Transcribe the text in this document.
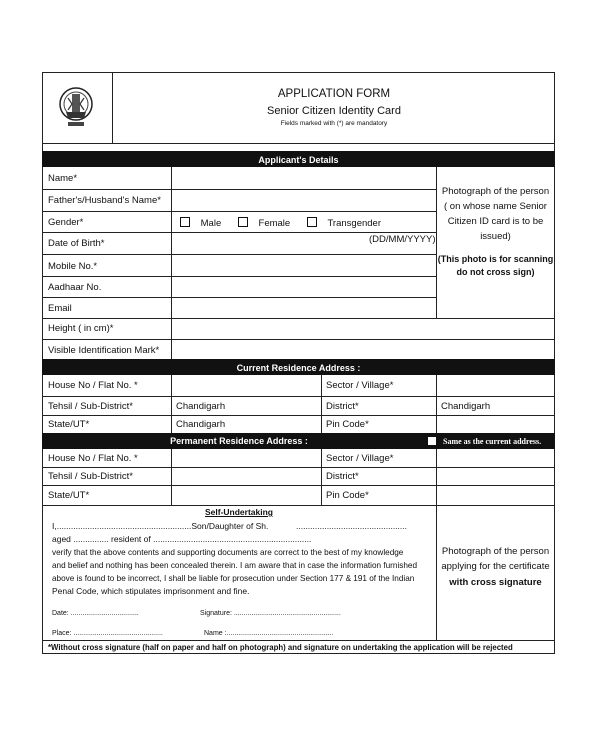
APPLICATION FORM
Senior Citizen Identity Card
Fields marked with (*) are mandatory
Applicant's Details
Name*
Father's/Husband's Name*
Gender*	Male	Female	Transgender
Date of Birth*	(DD/MM/YYYY)
Mobile No.*
Aadhaar No.
Email
Height ( in cm)*
Visible Identification Mark*
Photograph of the person
( on whose name Senior
Citizen ID card is to be
issued)
(This photo is for scanning
do not cross sign)
Current Residence Address :
House No / Flat No. *	Sector / Village*
Tehsil / Sub-District*	Chandigarh	District*	Chandigarh
State/UT*	Chandigarh	Pin Code*
Permanent Residence Address :	Same as the current address.
House No / Flat No. *	Sector / Village*
Tehsil / Sub-District*	District*
State/UT*	Pin Code*
Self-Undertaking
I,.........................................................Son/Daughter of Sh.	...............................................
aged ............... resident of ...................................................................
verify that the above contents and supporting documents are correct to the best of my knowledge
and belief and nothing has been concealed therein. I am aware that in case the information furnished
above is found to be incorrect, I shall be liable for prosecution under Section 177 & 191 of the Indian
Penal Code, which stipulates imprisonment and fine.
Date: ...................................	Signature: .......................................................
Place: ..............................................	Name :.......................................................
Photograph of the person
applying for the certificate
with cross signature
*Without cross signature (half on paper and half on photograph) and signature on undertaking the application will be rejected
